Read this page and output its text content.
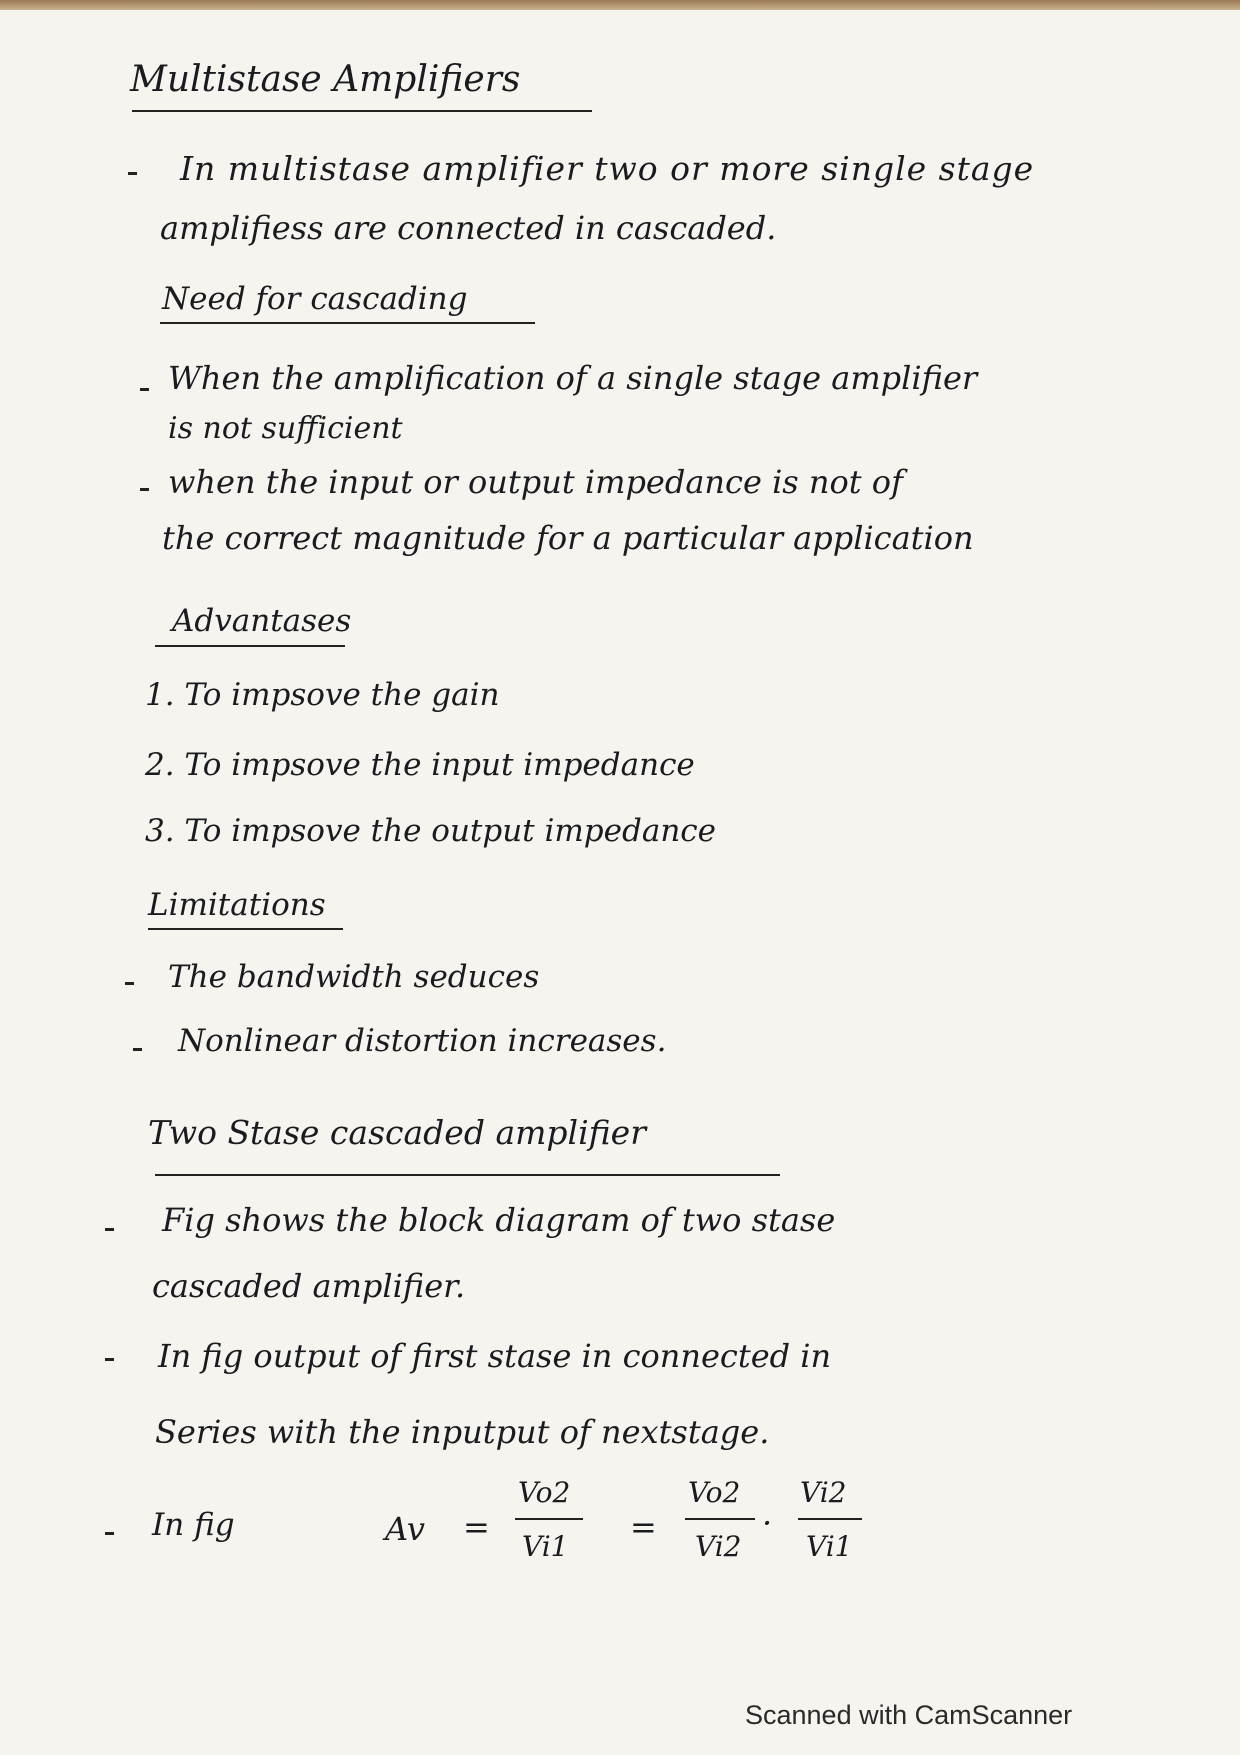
Multistase Amplifiers
In multistase amplifier two or more single stage
amplifiess are connected in cascaded.
Need for cascading
When the amplification of a single stage amplifier
is not sufficient
when the input or output impedance is not of
the correct magnitude for a particular application
Advantases
1. To impsove the gain
2. To impsove the input impedance
3. To impsove the output impedance
Limitations
The bandwidth seduces
Nonlinear distortion increases.
Two Stase cascaded amplifier
Fig shows the block diagram of two stase
cascaded amplifier.
In fig output of first stase in connected in
Series with the inputput of nextstage.
In fig	Av =
Vo2
Vi1
=
Vo2
Vi2
·
Vi2
Vi1
Scanned with CamScanner
